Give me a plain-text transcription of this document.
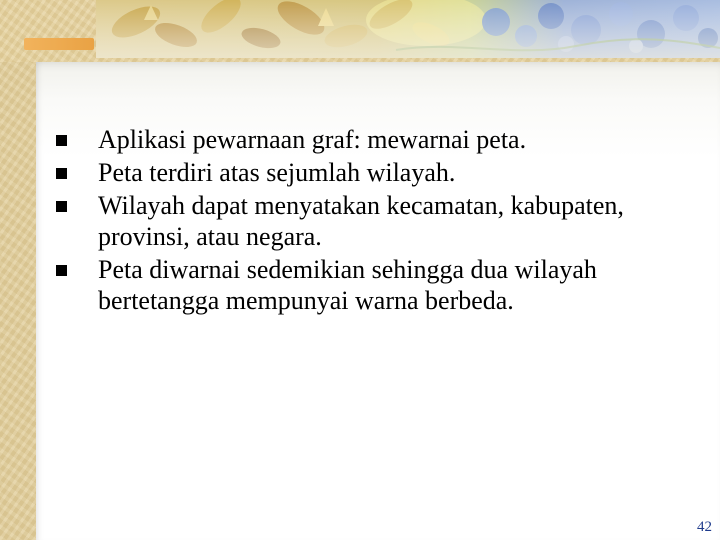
Aplikasi pewarnaan graf: mewarnai peta.
Peta terdiri atas sejumlah wilayah.
Wilayah dapat menyatakan kecamatan, kabupaten, provinsi, atau negara.
Peta diwarnai sedemikian sehingga dua wilayah bertetangga mempunyai warna berbeda.
42
